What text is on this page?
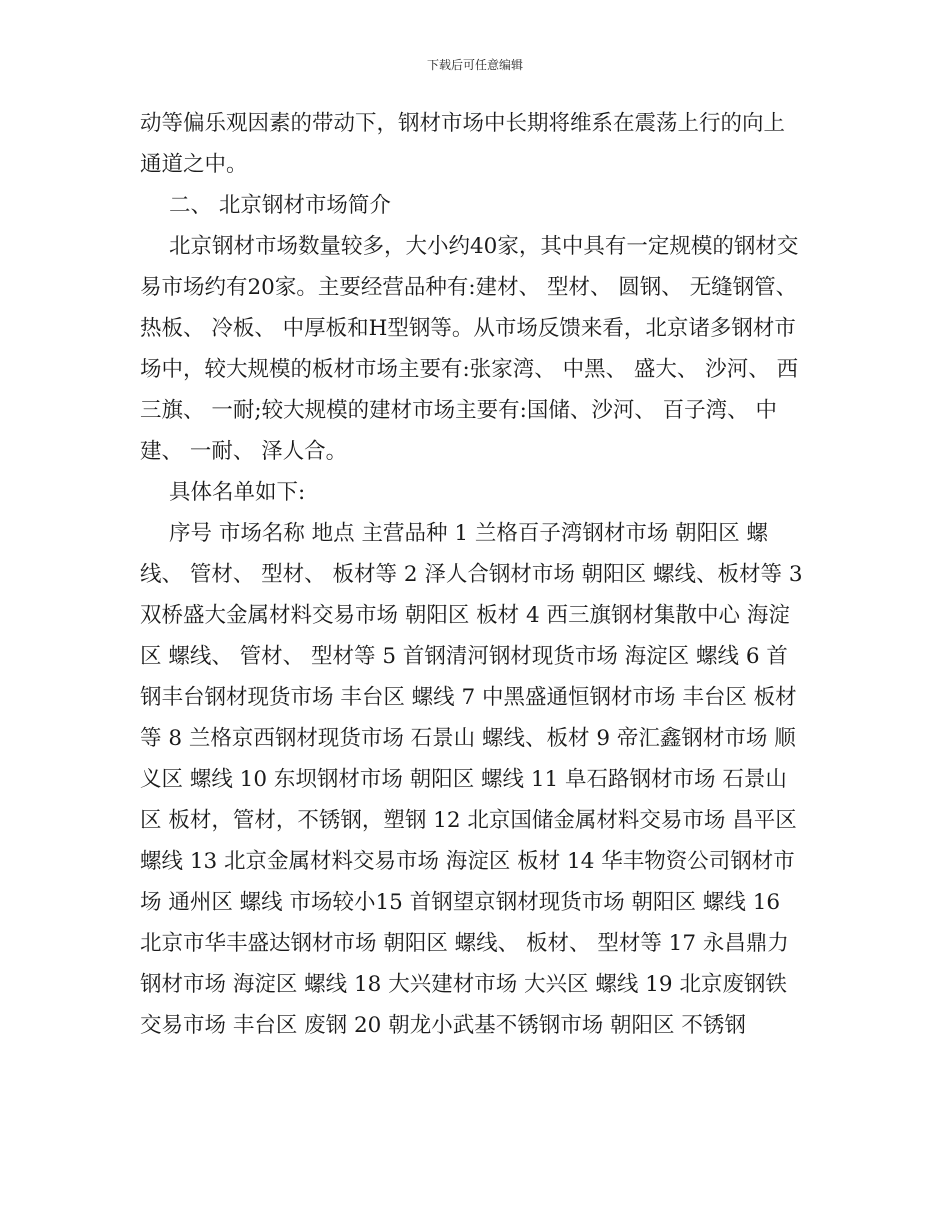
下载后可任意编辑

动等偏乐观因素的带动下，钢材市场中长期将维系在震荡上行的向上通道之中。

二、 北京钢材市场简介

北京钢材市场数量较多，大小约40家，其中具有一定规模的钢材交易市场约有20家。主要经营品种有:建材、 型材、 圆钢、 无缝钢管、 热板、 冷板、 中厚板和H型钢等。从市场反馈来看，北京诸多钢材市场中，较大规模的板材市场主要有:张家湾、 中黑、 盛大、 沙河、 西三旗、 一耐;较大规模的建材市场主要有:国储、沙河、 百子湾、 中建、 一耐、 泽人合。

具体名单如下:

序号 市场名称 地点 主营品种 1 兰格百子湾钢材市场 朝阳区 螺线、 管材、 型材、 板材等 2 泽人合钢材市场 朝阳区 螺线、板材等 3 双桥盛大金属材料交易市场 朝阳区 板材 4 西三旗钢材集散中心 海淀区 螺线、 管材、 型材等 5 首钢清河钢材现货市场 海淀区 螺线 6 首钢丰台钢材现货市场 丰台区 螺线 7 中黑盛通恒钢材市场 丰台区 板材等 8 兰格京西钢材现货市场 石景山 螺线、板材 9 帝汇鑫钢材市场 顺义区 螺线 10 东坝钢材市场 朝阳区 螺线 11 阜石路钢材市场 石景山区 板材，管材，不锈钢，塑钢 12 北京国储金属材料交易市场 昌平区 螺线 13 北京金属材料交易市场 海淀区 板材 14 华丰物资公司钢材市场 通州区 螺线 市场较小15 首钢望京钢材现货市场 朝阳区 螺线 16 北京市华丰盛达钢材市场 朝阳区 螺线、 板材、 型材等 17 永昌鼎力钢材市场 海淀区 螺线 18 大兴建材市场 大兴区 螺线 19 北京废钢铁交易市场 丰台区 废钢 20 朝龙小武基不锈钢市场 朝阳区 不锈钢
